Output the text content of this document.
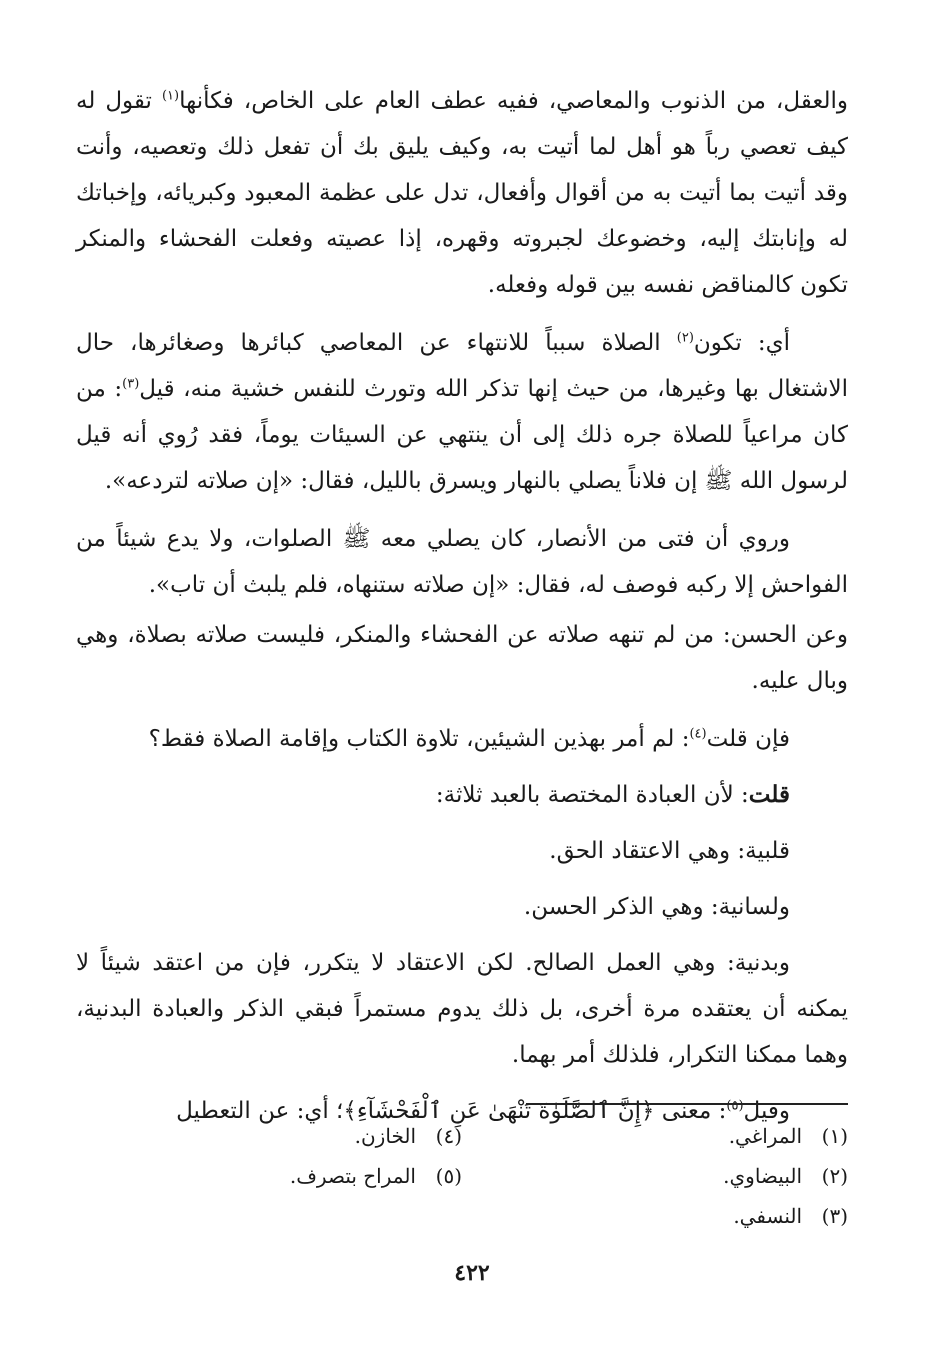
والعقل، من الذنوب والمعاصي، ففيه عطف العام على الخاص، فكأنها$^{(١)}$ تقول له كيف تعصي رباً هو أهل لما أتيت به، وكيف يليق بك أن تفعل ذلك وتعصيه، وأنت وقد أتيت بما أتيت به من أقوال وأفعال، تدل على عظمة المعبود وكبريائه، وإخباتك له وإنابتك إليه، وخضوعك لجبروته وقهره، إذا عصيته وفعلت الفحشاء والمنكر تكون كالمناقض نفسه بين قوله وفعله.

أي: تكون$^{(٢)}$ الصلاة سبباً للانتهاء عن المعاصي كبائرها وصغائرها، حال الاشتغال بها وغيرها، من حيث إنها تذكر الله وتورث للنفس خشية منه، قيل$^{(٣)}$: من كان مراعياً للصلاة جره ذلك إلى أن ينتهي عن السيئات يوماً، فقد رُوي أنه قيل لرسول الله ﷺ إن فلاناً يصلي بالنهار ويسرق بالليل، فقال: «إن صلاته لتردعه».

وروي أن فتى من الأنصار، كان يصلي معه ﷺ الصلوات، ولا يدع شيئاً من الفواحش إلا ركبه فوصف له، فقال: «إن صلاته ستنهاه، فلم يلبث أن تاب».

وعن الحسن: من لم تنهه صلاته عن الفحشاء والمنكر، فليست صلاته بصلاة، وهي وبال عليه.

فإن قلت$^{(٤)}$: لم أمر بهذين الشيئين، تلاوة الكتاب وإقامة الصلاة فقط؟

قلت: لأن العبادة المختصة بالعبد ثلاثة:

قلبية: وهي الاعتقاد الحق.

ولسانية: وهي الذكر الحسن.

وبدنية: وهي العمل الصالح. لكن الاعتقاد لا يتكرر، فإن من اعتقد شيئاً لا يمكنه أن يعتقده مرة أخرى، بل ذلك يدوم مستمراً فبقي الذكر والعبادة البدنية، وهما ممكنا التكرار، فلذلك أمر بهما.

وقيل$^{(٥)}$: معنى ﴿إِنَّ ٱلصَّلَوٰةَ تَنْهَىٰ عَنِ ٱلْفَحْشَآءِ﴾؛ أي: عن التعطيل

(١)المراغي.
(٢)البيضاوي.
(٣)النسفي.
(٤)الخازن.
(٥)المراح بتصرف.
٤٢٢
